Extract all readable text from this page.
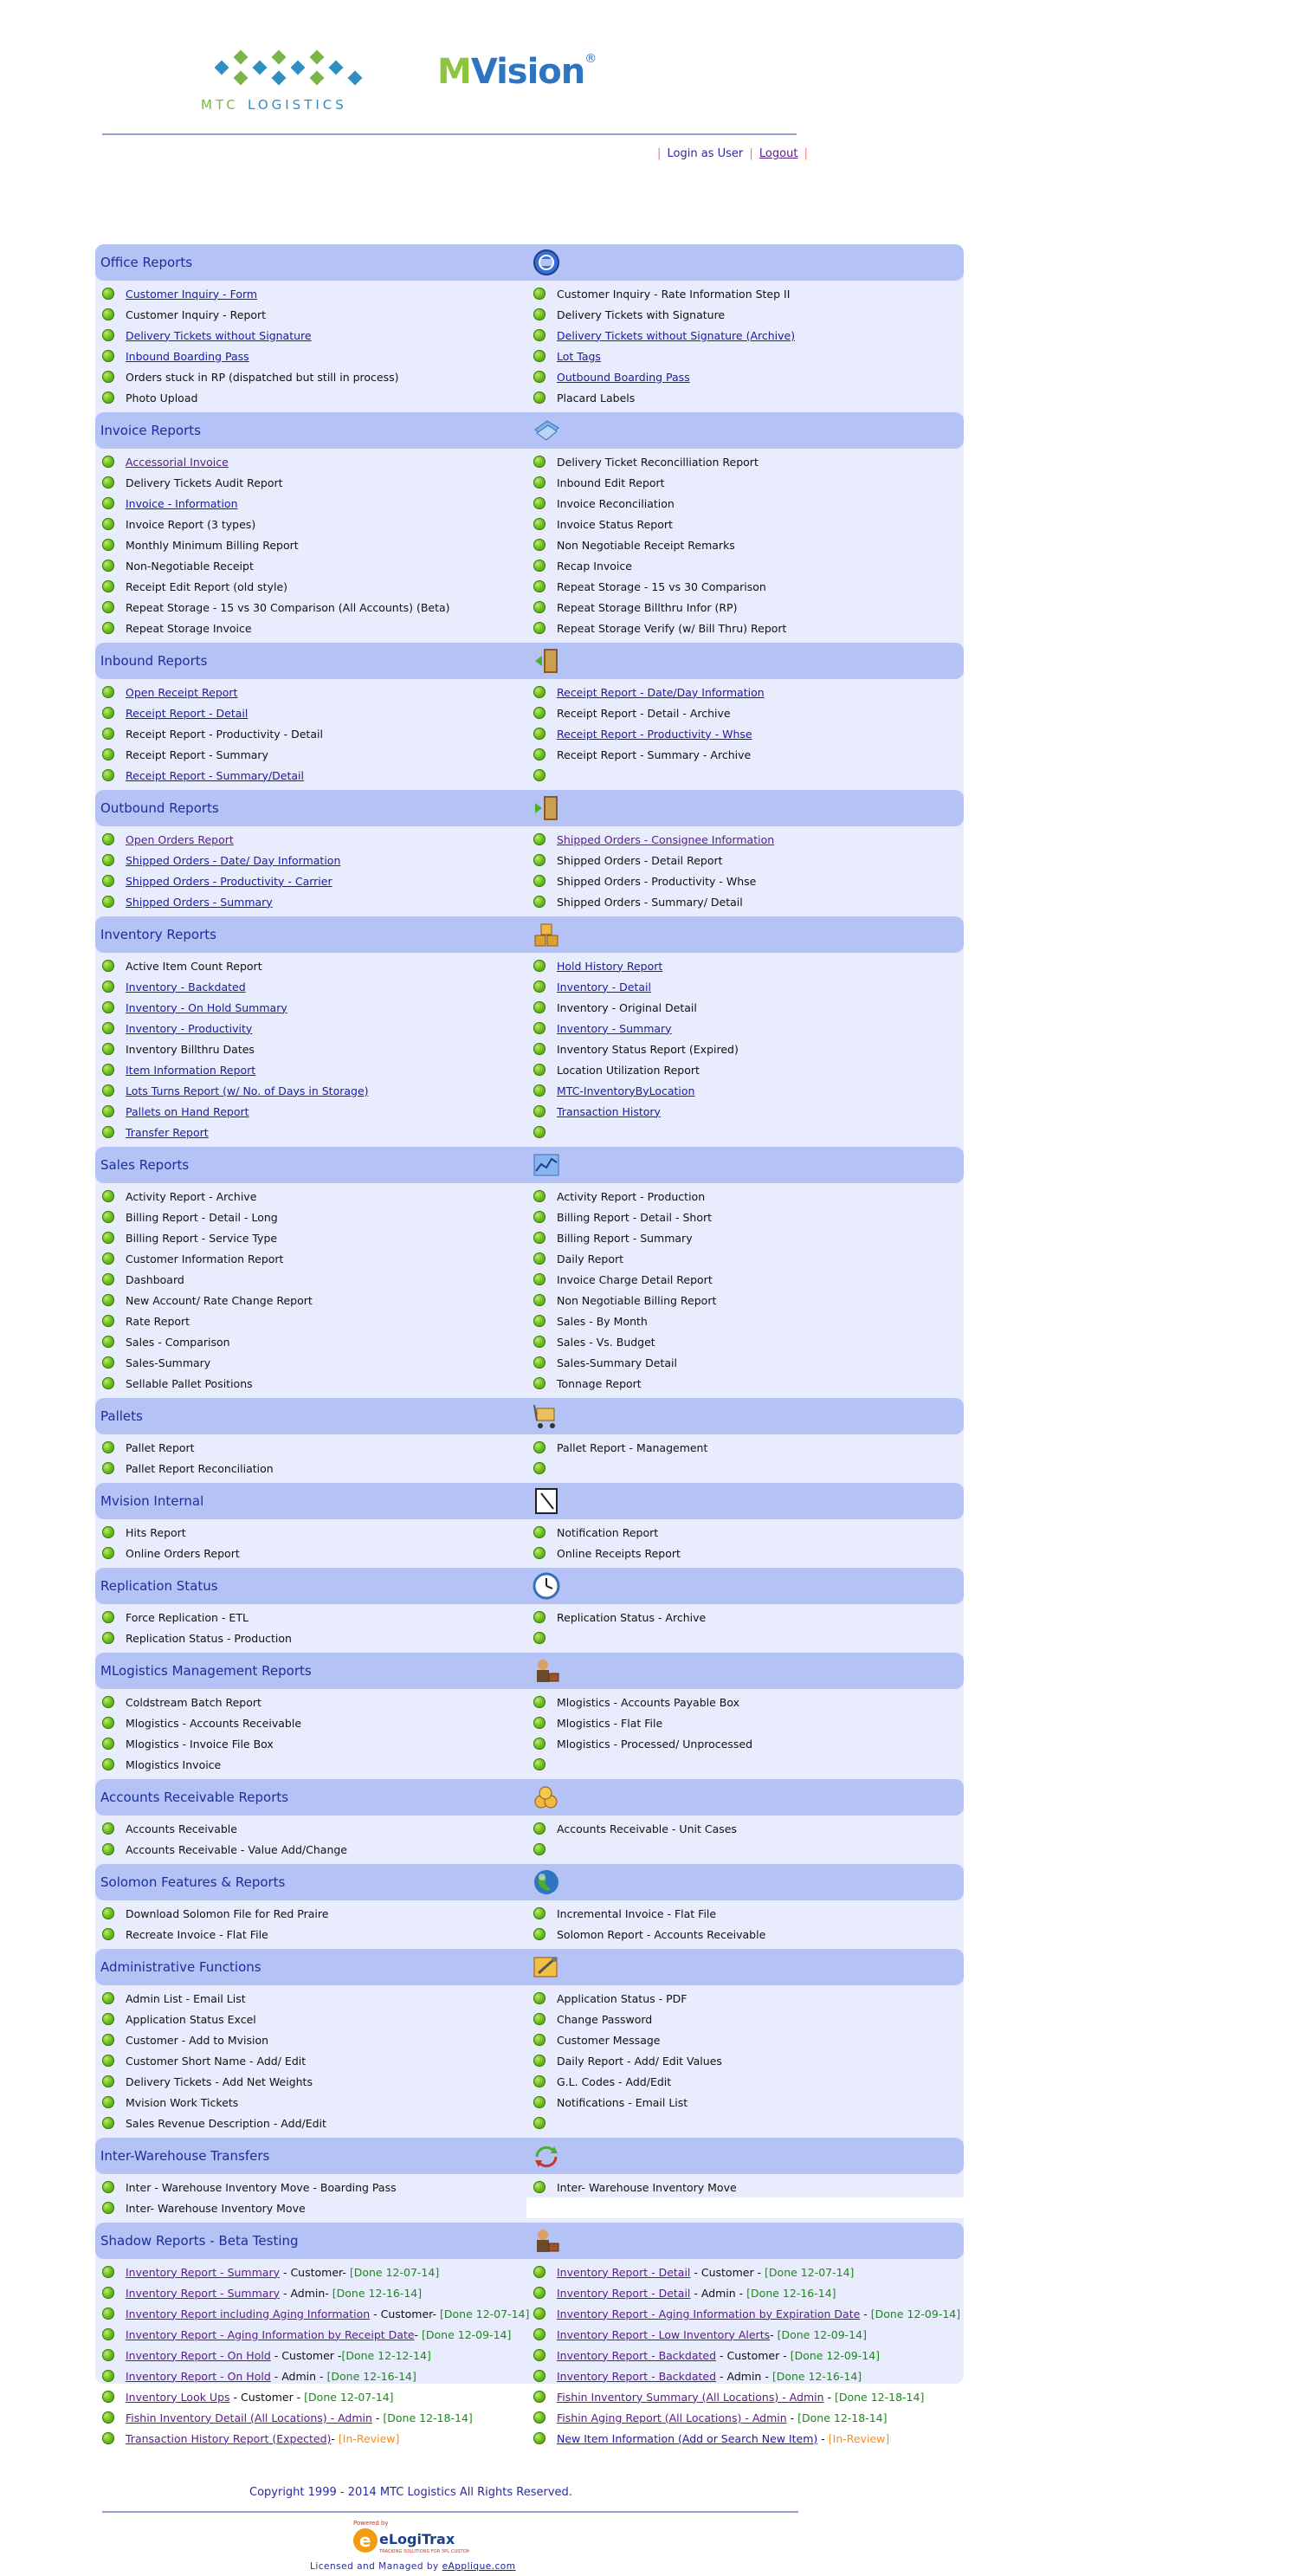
MTC LOGISTICS
MVision®
| Login as User | Logout |
Office Reports
Customer Inquiry - Form	Customer Inquiry - Rate Information Step II
Customer Inquiry - Report	Delivery Tickets with Signature
Delivery Tickets without Signature	Delivery Tickets without Signature (Archive)
Inbound Boarding Pass	Lot Tags
Orders stuck in RP (dispatched but still in process)	Outbound Boarding Pass
Photo Upload	Placard Labels
Invoice Reports
Accessorial Invoice	Delivery Ticket Reconcilliation Report
Delivery Tickets Audit Report	Inbound Edit Report
Invoice - Information	Invoice Reconciliation
Invoice Report (3 types)	Invoice Status Report
Monthly Minimum Billing Report	Non Negotiable Receipt Remarks
Non-Negotiable Receipt	Recap Invoice
Receipt Edit Report (old style)	Repeat Storage - 15 vs 30 Comparison
Repeat Storage - 15 vs 30 Comparison (All Accounts) (Beta)	Repeat Storage Billthru Infor (RP)
Repeat Storage Invoice	Repeat Storage Verify (w/ Bill Thru) Report
Inbound Reports
Open Receipt Report	Receipt Report - Date/Day Information
Receipt Report - Detail	Receipt Report - Detail - Archive
Receipt Report - Productivity - Detail	Receipt Report - Productivity - Whse
Receipt Report - Summary	Receipt Report - Summary - Archive
Receipt Report - Summary/Detail
Outbound Reports
Open Orders Report	Shipped Orders - Consignee Information
Shipped Orders - Date/ Day Information	Shipped Orders - Detail Report
Shipped Orders - Productivity - Carrier	Shipped Orders - Productivity - Whse
Shipped Orders - Summary	Shipped Orders - Summary/ Detail
Inventory Reports
Active Item Count Report	Hold History Report
Inventory - Backdated	Inventory - Detail
Inventory - On Hold Summary	Inventory - Original Detail
Inventory - Productivity	Inventory - Summary
Inventory Billthru Dates	Inventory Status Report (Expired)
Item Information Report	Location Utilization Report
Lots Turns Report (w/ No. of Days in Storage)	MTC-InventoryByLocation
Pallets on Hand Report	Transaction History
Transfer Report
Sales Reports
Activity Report - Archive	Activity Report - Production
Billing Report - Detail - Long	Billing Report - Detail - Short
Billing Report - Service Type	Billing Report - Summary
Customer Information Report	Daily Report
Dashboard	Invoice Charge Detail Report
New Account/ Rate Change Report	Non Negotiable Billing Report
Rate Report	Sales - By Month
Sales - Comparison	Sales - Vs. Budget
Sales-Summary	Sales-Summary Detail
Sellable Pallet Positions	Tonnage Report
Pallets
Pallet Report	Pallet Report - Management
Pallet Report Reconciliation
Mvision Internal
Hits Report	Notification Report
Online Orders Report	Online Receipts Report
Replication Status
Force Replication - ETL	Replication Status - Archive
Replication Status - Production
MLogistics Management Reports
Coldstream Batch Report	Mlogistics - Accounts Payable Box
Mlogistics - Accounts Receivable	Mlogistics - Flat File
Mlogistics - Invoice File Box	Mlogistics - Processed/ Unprocessed
Mlogistics Invoice
Accounts Receivable Reports
Accounts Receivable	Accounts Receivable - Unit Cases
Accounts Receivable - Value Add/Change
Solomon Features & Reports
Download Solomon File for Red Praire	Incremental Invoice - Flat File
Recreate Invoice - Flat File	Solomon Report - Accounts Receivable
Administrative Functions
Admin List - Email List	Application Status - PDF
Application Status Excel	Change Password
Customer - Add to Mvision	Customer Message
Customer Short Name - Add/ Edit	Daily Report - Add/ Edit Values
Delivery Tickets - Add Net Weights	G.L. Codes - Add/Edit
Mvision Work Tickets	Notifications - Email List
Sales Revenue Description - Add/Edit
Inter-Warehouse Transfers
Inter - Warehouse Inventory Move - Boarding Pass	Inter- Warehouse Inventory Move
Inter- Warehouse Inventory Move
Shadow Reports - Beta Testing
Inventory Report - Summary - Customer- [Done 12-07-14]	Inventory Report - Detail - Customer - [Done 12-07-14]
Inventory Report - Summary - Admin- [Done 12-16-14]	Inventory Report - Detail - Admin - [Done 12-16-14]
Inventory Report including Aging Information - Customer- [Done 12-07-14]	Inventory Report - Aging Information by Expiration Date - [Done 12-09-14]
Inventory Report - Aging Information by Receipt Date- [Done 12-09-14]	Inventory Report - Low Inventory Alerts- [Done 12-09-14]
Inventory Report - On Hold - Customer -[Done 12-12-14]	Inventory Report - Backdated - Customer - [Done 12-09-14]
Inventory Report - On Hold - Admin - [Done 12-16-14]	Inventory Report - Backdated - Admin - [Done 12-16-14]
Inventory Look Ups - Customer - [Done 12-07-14]	Fishin Inventory Summary (All Locations) - Admin - [Done 12-18-14]
Fishin Inventory Detail (All Locations) - Admin - [Done 12-18-14]	Fishin Aging Report (All Locations) - Admin - [Done 12-18-14]
Transaction History Report (Expected)- [In-Review]	New Item Information (Add or Search New Item) - [In-Review]
Copyright 1999 - 2014 MTC Logistics All Rights Reserved.
Powered by
e eLogiTrax
TRACKING SOLUTIONS FOR 3PL CUSTOMERS
Licensed and Managed by eApplique.com
